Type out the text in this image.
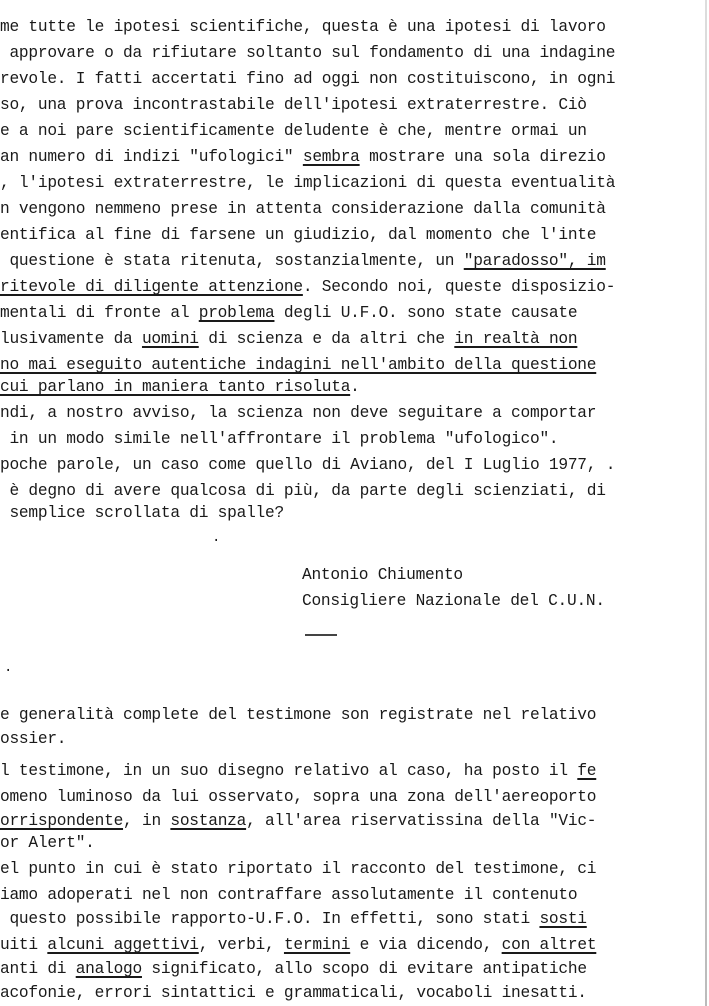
me tutte le ipotesi scientifiche, questa è una ipotesi di lavoro
approvare o da rifiutare soltanto sul fondamento di una indagine
revole. I fatti accertati fino ad oggi non costituiscono, in ogni
so, una prova incontrastabile dell'ipotesi extraterrestre. Ciò
e a noi pare scientificamente deludente è che, mentre ormai un
an numero di indizi "ufologici" sembra mostrare una sola direzio
, l'ipotesi extraterrestre, le implicazioni di questa eventualità
n vengono nemmeno prese in attenta considerazione dalla comunità
entifica al fine di farsene un giudizio, dal momento che l'inte
questione è stata ritenuta, sostanzialmente, un "paradosso", im
ritevole di diligente attenzione. Secondo noi, queste disposizio-
mentali di fronte al problema degli U.F.O. sono state causate
lusivamente da uomini di scienza e da altri che in realtà non
no mai eseguito autentiche indagini nell'ambito della questione
cui parlano in maniera tanto risoluta.
ndi, a nostro avviso, la scienza non deve seguitare a comportar
in un modo simile nell'affrontare il problema "ufologico".
poche parole, un caso come quello di Aviano, del I Luglio 1977, .
è degno di avere qualcosa di più, da parte degli scienziati, di
semplice scrollata di spalle?
Antonio Chiumento
Consigliere Nazionale del C.U.N.
·
·
e generalità complete del testimone son registrate nel relativo
ossier.
l testimone, in un suo disegno relativo al caso, ha posto il fe
omeno luminoso da lui osservato, sopra una zona dell'aereoporto
orrispondente, in sostanza, all'area riservatissina della "Vic-
or Alert".
el punto in cui è stato riportato il racconto del testimone, ci
iamo adoperati nel non contraffare assolutamente il contenuto
questo possibile rapporto-U.F.O. In effetti, sono stati sosti
uiti alcuni aggettivi, verbi, termini e via dicendo, con altret
anti di analogo significato, allo scopo di evitare antipatiche
acofonie, errori sintattici e grammaticali, vocaboli inesatti.
